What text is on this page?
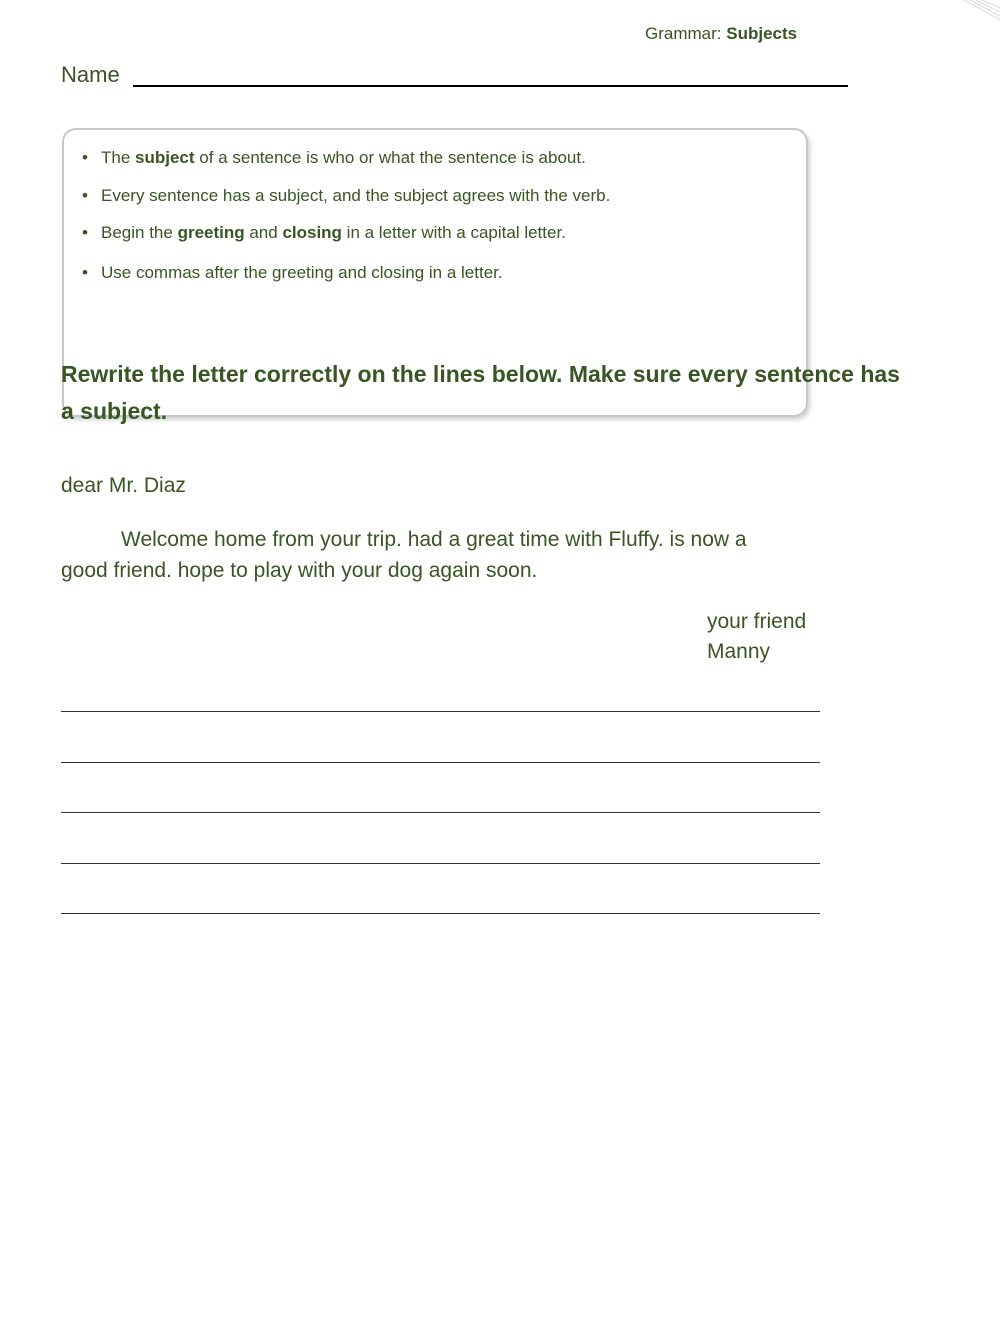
Grammar: Subjects
Name
• The subject of a sentence is who or what the sentence is about.
• Every sentence has a subject, and the subject agrees with the verb.
• Begin the greeting and closing in a letter with a capital letter.
• Use commas after the greeting and closing in a letter.
Rewrite the letter correctly on the lines below. Make sure every sentence has a subject.
dear Mr. Diaz
Welcome home from your trip. had a great time with Fluffy. is now a
good friend. hope to play with your dog again soon.
your friend
Manny
